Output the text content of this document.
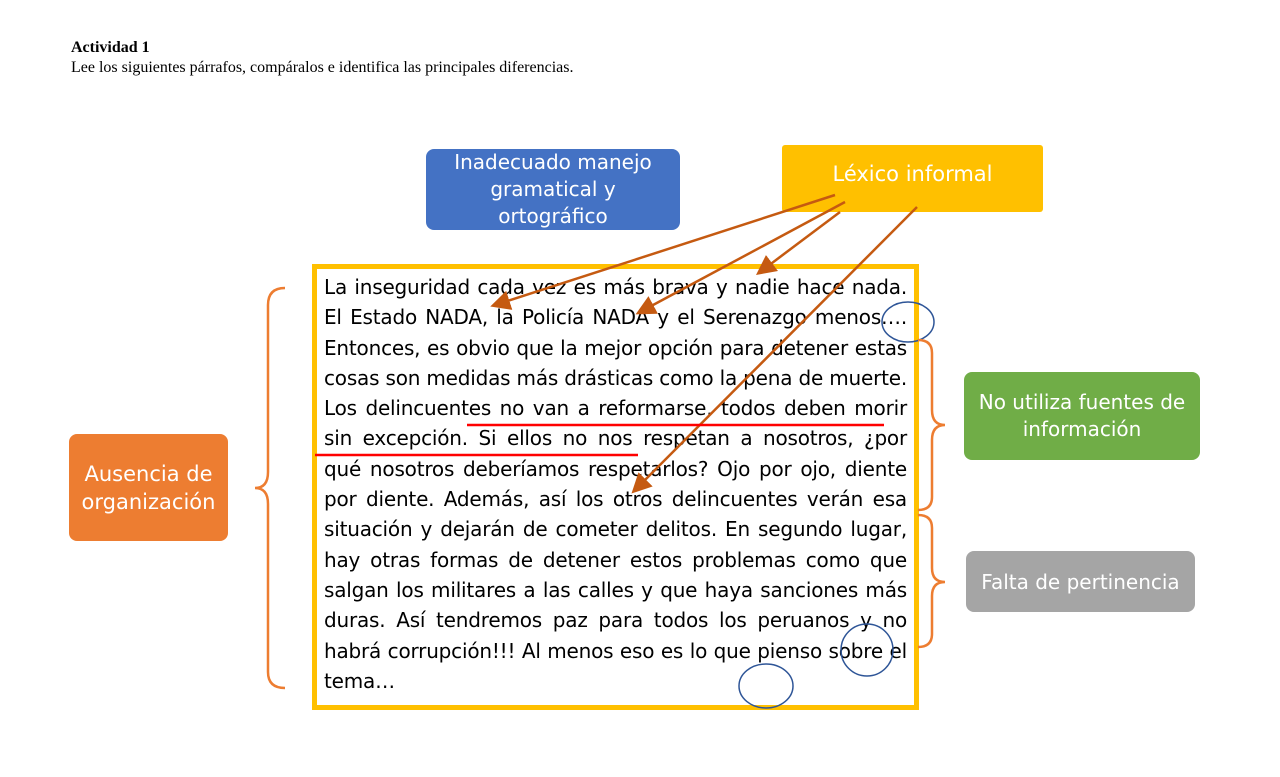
Actividad 1
Lee los siguientes párrafos, compáralos e identifica las principales diferencias.
Inadecuado manejo gramatical y ortográfico
Léxico informal
No utiliza fuentes de información
Falta de pertinencia
Ausencia de organización

La inseguridad cada vez es más brava y nadie hace nada. El Estado NADA, la Policía NADA y el Serenazgo menos…. Entonces, es obvio que la mejor opción para detener estas cosas son medidas más drásticas como la pena de muerte. Los delincuentes no van a reformarse, todos deben morir sin excepción. Si ellos no nos respetan a nosotros, ¿por qué nosotros deberíamos respetarlos? Ojo por ojo, diente por diente. Además, así los otros delincuentes verán esa situación y dejarán de cometer delitos. En segundo lugar, hay otras formas de detener estos problemas como que salgan los militares a las calles y que haya sanciones más duras. Así tendremos paz para todos los peruanos y no habrá corrupción!!! Al menos eso es lo que pienso sobre el tema…
